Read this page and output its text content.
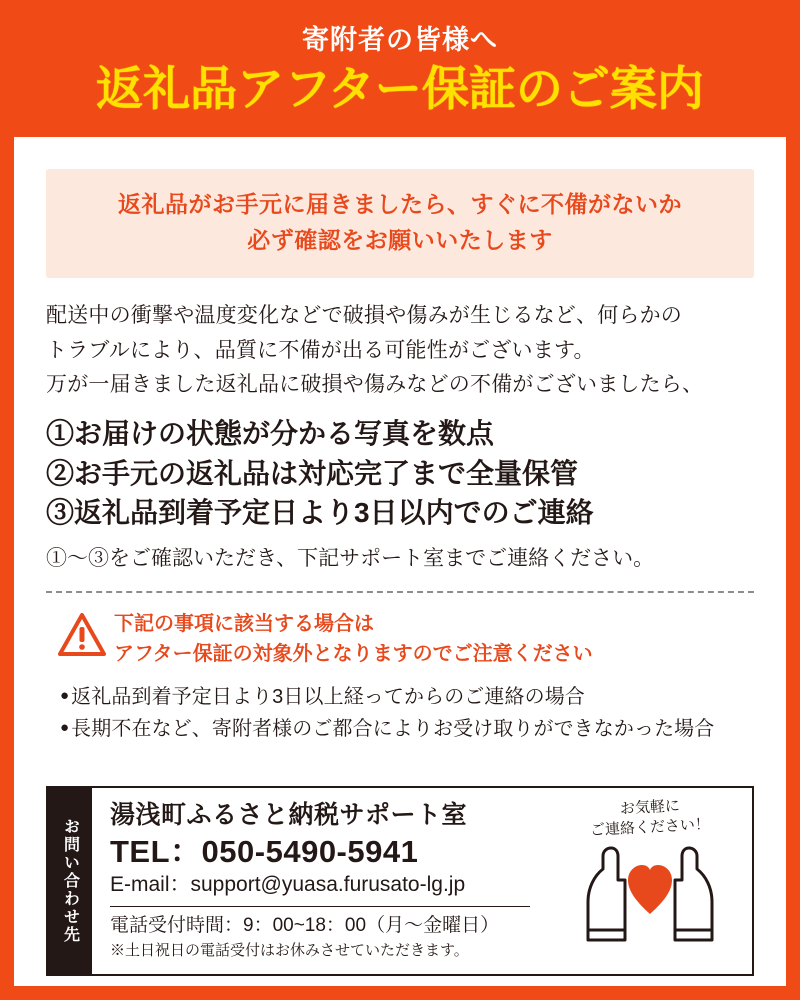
寄附者の皆様へ
返礼品アフター保証のご案内
返礼品がお手元に届きましたら、すぐに不備がないか
必ず確認をお願いいたします

配送中の衝撃や温度変化などで破損や傷みが生じるなど、何らかの

トラブルにより、品質に不備が出る可能性がございます。

万が一届きました返礼品に破損や傷みなどの不備がございましたら、

①お届けの状態が分かる写真を数点
②お手元の返礼品は対応完了まで全量保管
③返礼品到着予定日より3日以内でのご連絡
①〜③をご確認いただき、下記サポート室までご連絡ください。
下記の事項に該当する場合は
アフター保証の対象外となりますのでご注意ください
● 返礼品到着予定日より3日以上経ってからのご連絡の場合
● 長期不在など、寄附者様のご都合によりお受け取りができなかった場合
お問い合わせ先
湯浅町ふるさと納税サポート室
TEL：050-5490-5941
E-mail：support@yuasa.furusato-lg.jp
電話受付時間：9：00~18：00（月〜金曜日）
※土日祝日の電話受付はお休みさせていただきます。
お気軽に
ご連絡ください！
